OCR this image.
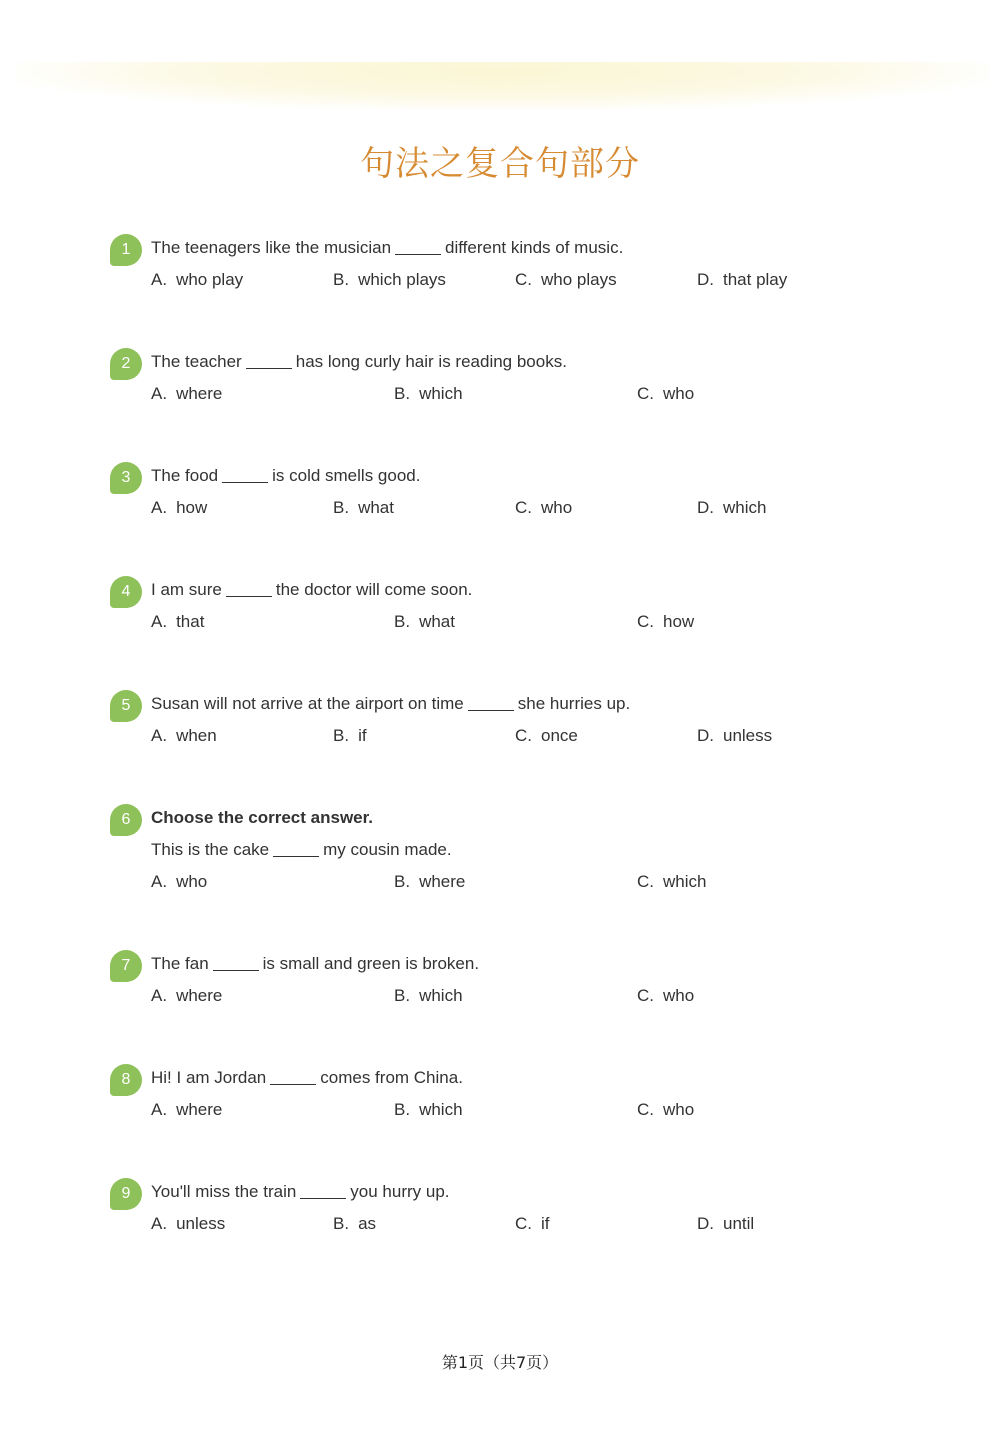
句法之复合句部分
1	The teenagers like the musician	different kinds of music.
A. who play	B. which plays	C. who plays	D. that play
2	The teacher	has long curly hair is reading books.
A. where	B. which	C. who
3	The food	is cold smells good.
A. how	B. what	C. who	D. which
4	I am sure	the doctor will come soon.
A. that	B. what	C. how
5	Susan will not arrive at the airport on time	she hurries up.
A. when	B. if	C. once	D. unless
6	Choose the correct answer.
This is the cake	my cousin made.
A. who	B. where	C. which
7	The fan	is small and green is broken.
A. where	B. which	C. who
8	Hi! I am Jordan	comes from China.
A. where	B. which	C. who
9	You'll miss the train	you hurry up.
A. unless	B. as	C. if	D. until
第1页（共7页）
